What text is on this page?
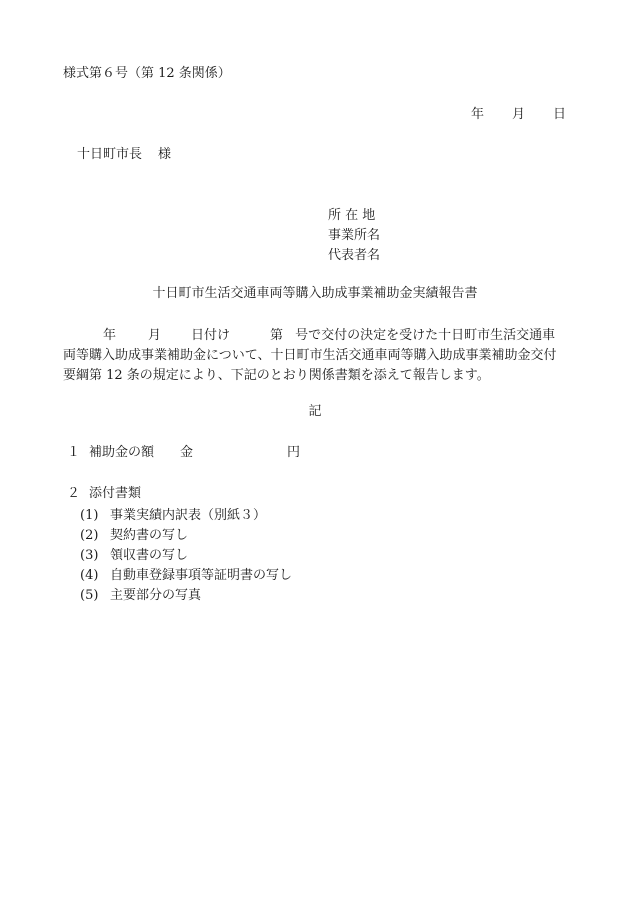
様式第６号（第 12 条関係）
年 月 日
十日町市長 様
所 在 地
事業所名
代表者名
十日町市生活交通車両等購入助成事業補助金実績報告書
年 月 日付け	第 号で交付の決定を受けた十日町市生活交通車
両等購入助成事業補助金について、十日町市生活交通車両等購入助成事業補助金交付
要綱第 12 条の規定により、下記のとおり関係書類を添えて報告します。
記
１ 補助金の額 金	円
２ 添付書類
(1) 事業実績内訳表（別紙３）
(2) 契約書の写し
(3) 領収書の写し
(4) 自動車登録事項等証明書の写し
(5) 主要部分の写真
